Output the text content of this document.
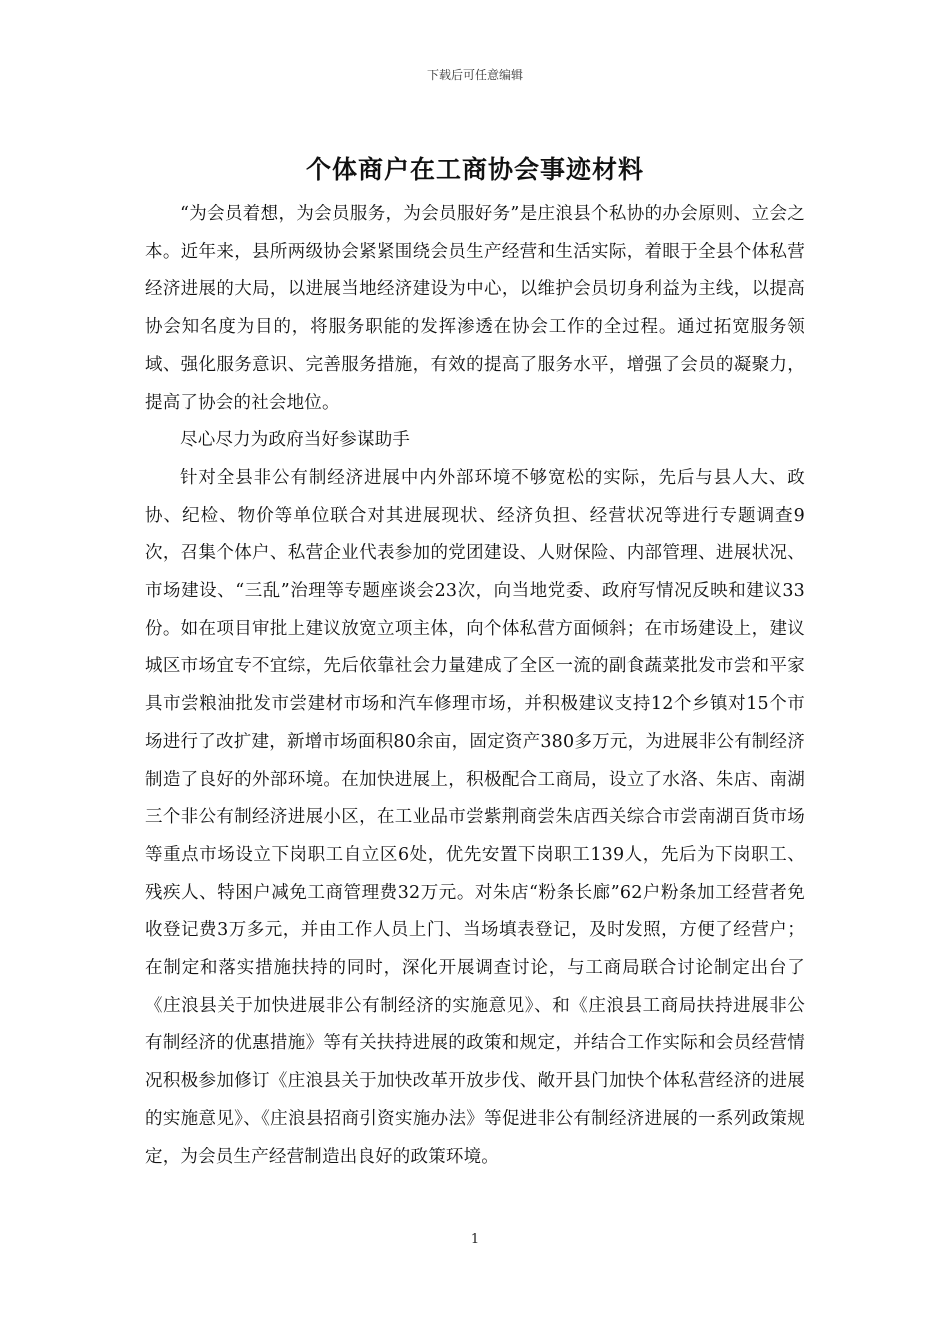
下载后可任意编辑
个体商户在工商协会事迹材料

“为会员着想，为会员服务，为会员服好务”是庄浪县个私协的办会原则、立会之本。近年来，县所两级协会紧紧围绕会员生产经营和生活实际，着眼于全县个体私营经济进展的大局，以进展当地经济建设为中心，以维护会员切身利益为主线，以提高协会知名度为目的，将服务职能的发挥渗透在协会工作的全过程。通过拓宽服务领域、强化服务意识、完善服务措施，有效的提高了服务水平，增强了会员的凝聚力，提高了协会的社会地位。

尽心尽力为政府当好参谋助手

针对全县非公有制经济进展中内外部环境不够宽松的实际，先后与县人大、政协、纪检、物价等单位联合对其进展现状、经济负担、经营状况等进行专题调查9次，召集个体户、私营企业代表参加的党团建设、人财保险、内部管理、进展状况、市场建设、“三乱”治理等专题座谈会23次，向当地党委、政府写情况反映和建议33份。如在项目审批上建议放宽立项主体，向个体私营方面倾斜；在市场建设上，建议城区市场宜专不宜综，先后依靠社会力量建成了全区一流的副食蔬菜批发市尝和平家具市尝粮油批发市尝建材市场和汽车修理市场，并积极建议支持12个乡镇对15个市场进行了改扩建，新增市场面积80余亩，固定资产380多万元，为进展非公有制经济制造了良好的外部环境。在加快进展上，积极配合工商局，设立了水洛、朱店、南湖三个非公有制经济进展小区，在工业品市尝紫荆商尝朱店西关综合市尝南湖百货市场等重点市场设立下岗职工自立区6处，优先安置下岗职工139人，先后为下岗职工、残疾人、特困户减免工商管理费32万元。对朱店“粉条长廊”62户粉条加工经营者免收登记费3万多元，并由工作人员上门、当场填表登记，及时发照，方便了经营户；在制定和落实措施扶持的同时，深化开展调查讨论，与工商局联合讨论制定出台了《庄浪县关于加快进展非公有制经济的实施意见》、和《庄浪县工商局扶持进展非公有制经济的优惠措施》等有关扶持进展的政策和规定，并结合工作实际和会员经营情况积极参加修订《庄浪县关于加快改革开放步伐、敞开县门加快个体私营经济的进展的实施意见》、《庄浪县招商引资实施办法》等促进非公有制经济进展的一系列政策规定，为会员生产经营制造出良好的政策环境。

1
